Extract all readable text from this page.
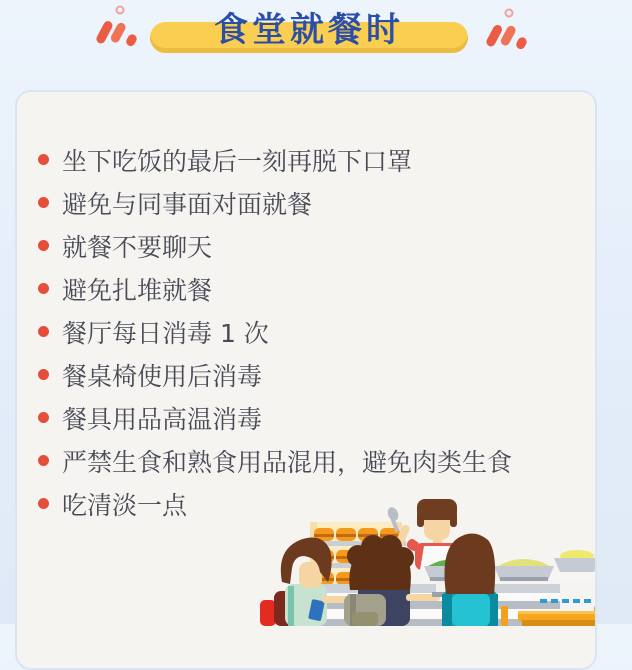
食堂就餐时
坐下吃饭的最后一刻再脱下口罩
避免与同事面对面就餐
就餐不要聊天
避免扎堆就餐
餐厅每日消毒 1 次
餐桌椅使用后消毒
餐具用品高温消毒
严禁生食和熟食用品混用，避免肉类生食
吃清淡一点
